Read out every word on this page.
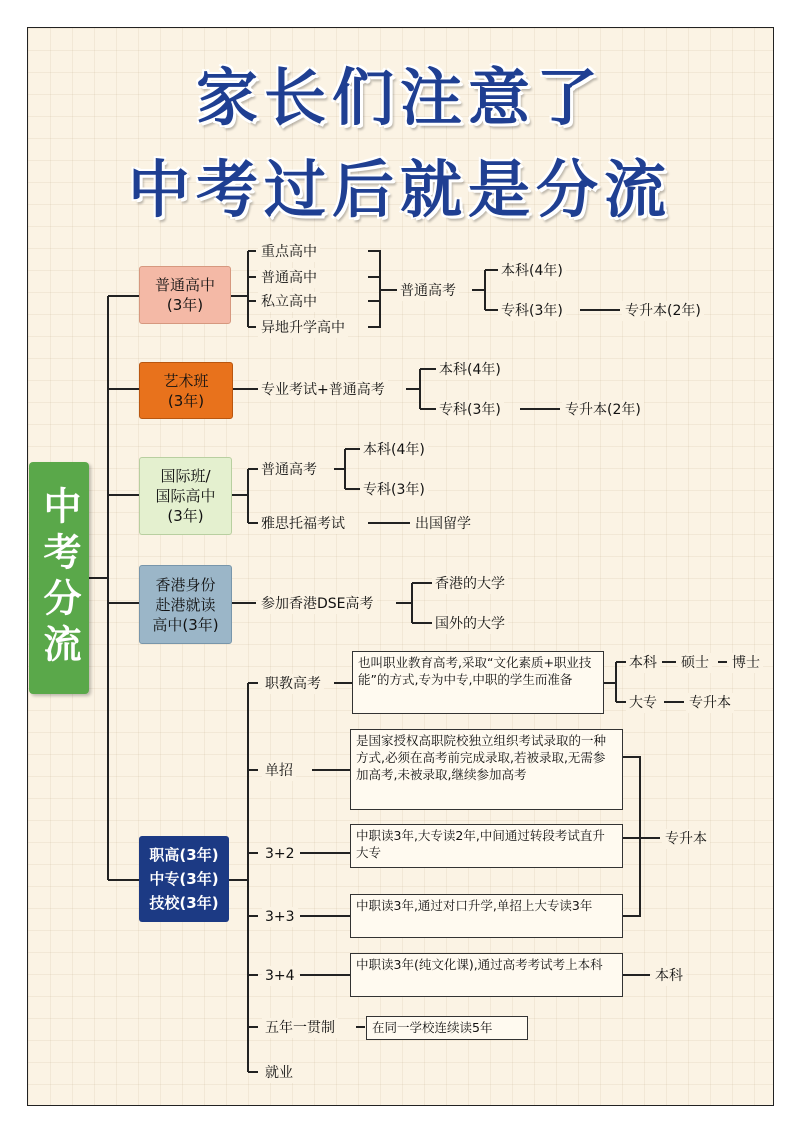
家长们注意了
中考过后就是分流
中考分流
普通高中
(3年)
重点高中
普通高中
私立高中
异地升学高中
普通高考
本科(4年)
专科(3年)	专升本(2年)
艺术班
(3年)
专业考试+普通高考
本科(4年)
专科(3年)	专升本(2年)
国际班/
国际高中
(3年)
普通高考
本科(4年)
专科(3年)
雅思托福考试	出国留学
香港身份
赴港就读
高中(3年)
参加香港DSE高考
香港的大学
国外的大学
职高(3年)
中专(3年)
技校(3年)
职教高考
也叫职业教育高考,采取“文化素质+职业技能”的方式,专为中专,中职的学生而准备
本科 硕士 博士
大专 专升本
单招
是国家授权高职院校独立组织考试录取的一种方式,必须在高考前完成录取,若被录取,无需参加高考,未被录取,继续参加高考
3+2
中职读3年,大专读2年,中间通过转段考试直升大专
3+3
中职读3年,通过对口升学,单招上大专读3年
专升本
3+4
中职读3年(纯文化课),通过高考考试考上本科
本科
五年一贯制	在同一学校连续读5年
就业
